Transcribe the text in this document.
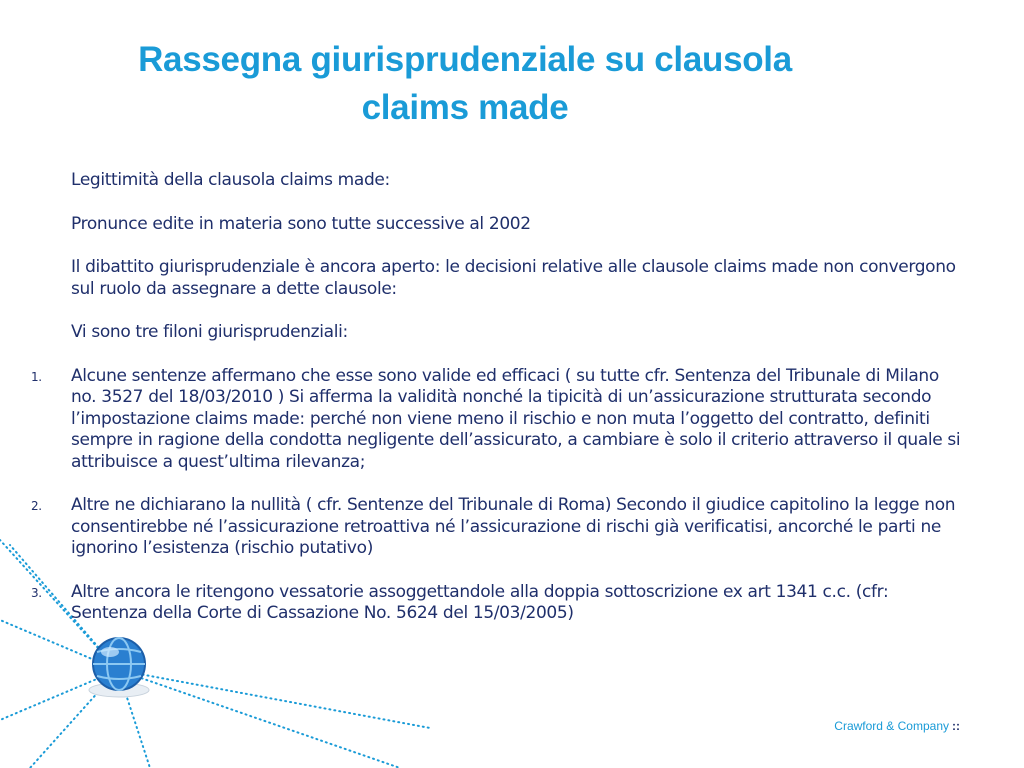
Rassegna giurisprudenziale su clausola
claims made

Legittimità della clausola claims made:

Pronunce edite in materia sono tutte successive al 2002

Il dibattito giurisprudenziale è ancora aperto: le decisioni relative alle clausole claims made non convergono sul ruolo da assegnare a dette clausole:

Vi sono tre filoni giurisprudenziali:

1.	Alcune sentenze affermano che esse sono valide ed efficaci ( su tutte cfr. Sentenza del Tribunale di Milano no. 3527 del 18/03/2010 ) Si afferma la validità nonché la tipicità di un’assicurazione strutturata secondo l’impostazione claims made: perché non viene meno il rischio e non muta l’oggetto del contratto, definiti sempre in ragione della condotta negligente dell’assicurato, a cambiare è solo il criterio attraverso il quale si attribuisce a quest’ultima rilevanza;
2.	Altre ne dichiarano la nullità ( cfr. Sentenze del Tribunale di Roma) Secondo il giudice capitolino la legge non consentirebbe né l’assicurazione retroattiva né l’assicurazione di rischi già verificatisi, ancorché le parti ne ignorino l’esistenza (rischio putativo)
3.	Altre ancora le ritengono vessatorie assoggettandole alla doppia sottoscrizione ex art 1341 c.c. (cfr: Sentenza della Corte di Cassazione No. 5624 del 15/03/2005)
Crawford & Company ::
